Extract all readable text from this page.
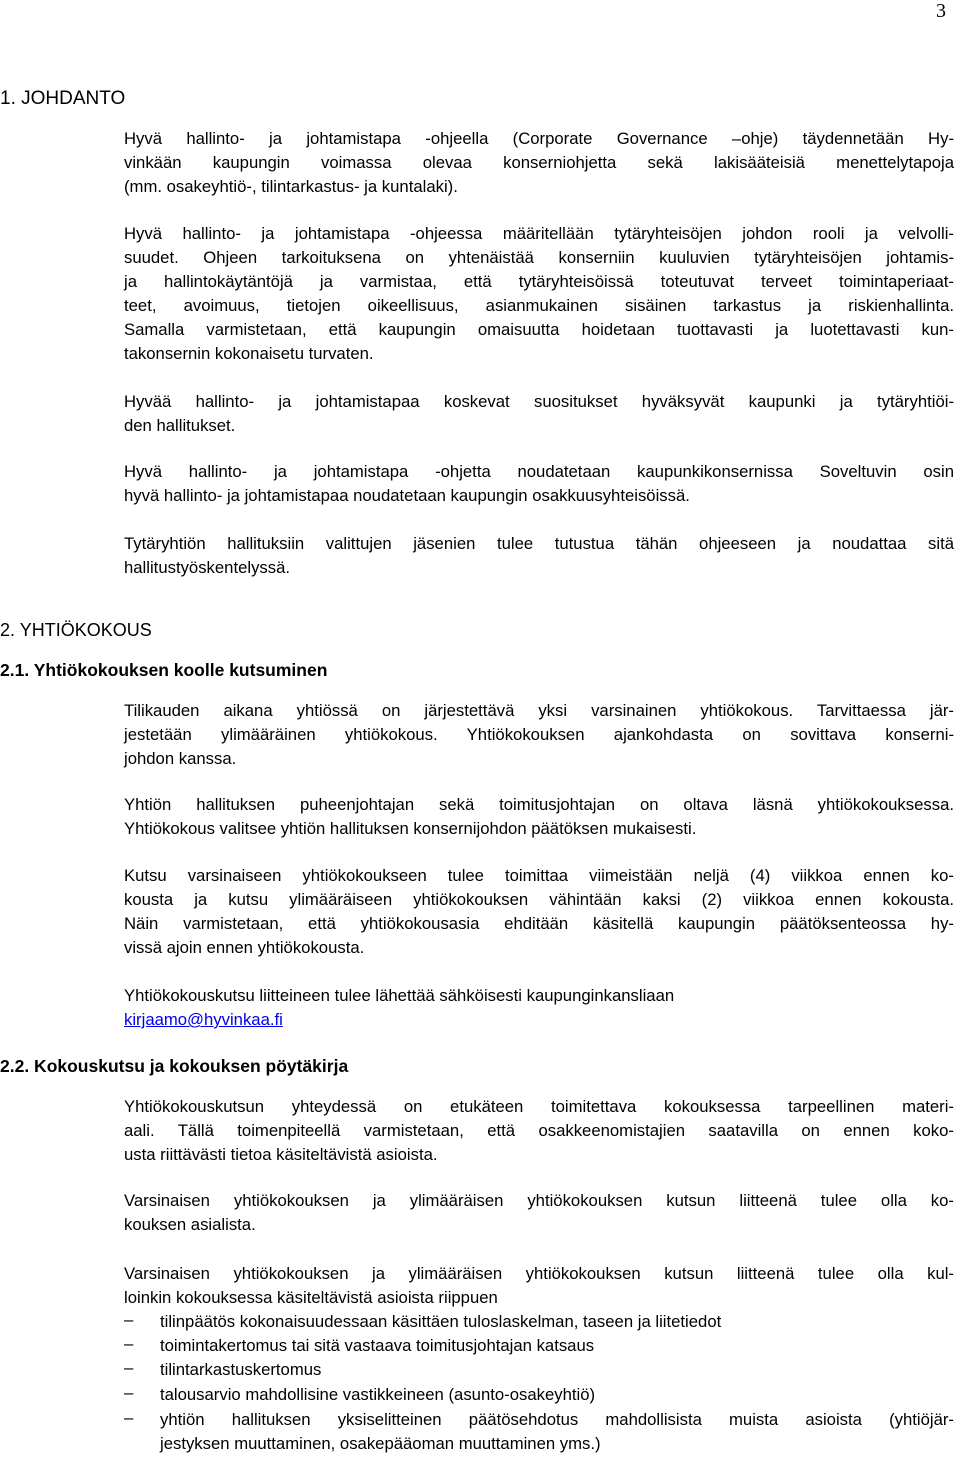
3
1. JOHDANTO
Hyvä hallinto- ja johtamistapa -ohjeella (Corporate Governance –ohje) täydennetään Hy-
vinkään kaupungin voimassa olevaa konserniohjetta sekä lakisääteisiä menettelytapoja
(mm. osakeyhtiö-, tilintarkastus- ja kuntalaki).
Hyvä hallinto- ja johtamistapa -ohjeessa määritellään tytäryhteisöjen johdon rooli ja velvolli-
suudet. Ohjeen tarkoituksena on yhtenäistää konserniin kuuluvien tytäryhteisöjen johtamis-
ja hallintokäytäntöjä ja varmistaa, että tytäryhteisöissä toteutuvat terveet toimintaperiaat-
teet, avoimuus, tietojen oikeellisuus, asianmukainen sisäinen tarkastus ja riskienhallinta.
Samalla varmistetaan, että kaupungin omaisuutta hoidetaan tuottavasti ja luotettavasti kun-
takonsernin kokonaisetu turvaten.
Hyvää hallinto- ja johtamistapaa koskevat suositukset hyväksyvät kaupunki ja tytäryhtiöi-
den hallitukset.
Hyvä hallinto- ja johtamistapa -ohjetta noudatetaan kaupunkikonsernissa Soveltuvin osin
hyvä hallinto- ja johtamistapaa noudatetaan kaupungin osakkuusyhteisöissä.
Tytäryhtiön hallituksiin valittujen jäsenien tulee tutustua tähän ohjeeseen ja noudattaa sitä
hallitustyöskentelyssä.
2. YHTIÖKOKOUS
2.1. Yhtiökokouksen koolle kutsuminen
Tilikauden aikana yhtiössä on järjestettävä yksi varsinainen yhtiökokous. Tarvittaessa jär-
jestetään ylimääräinen yhtiökokous. Yhtiökokouksen ajankohdasta on sovittava konserni-
johdon kanssa.
Yhtiön hallituksen puheenjohtajan sekä toimitusjohtajan on oltava läsnä yhtiökokouksessa.
Yhtiökokous valitsee yhtiön hallituksen konsernijohdon päätöksen mukaisesti.
Kutsu varsinaiseen yhtiökokoukseen tulee toimittaa viimeistään neljä (4) viikkoa ennen ko-
kousta ja kutsu ylimääräiseen yhtiökokouksen vähintään kaksi (2) viikkoa ennen kokousta.
Näin varmistetaan, että yhtiökokousasia ehditään käsitellä kaupungin päätöksenteossa hy-
vissä ajoin ennen yhtiökokousta.
Yhtiökokouskutsu liitteineen tulee lähettää sähköisesti kaupunginkansliaan
kirjaamo@hyvinkaa.fi
2.2. Kokouskutsu ja kokouksen pöytäkirja
Yhtiökokouskutsun yhteydessä on etukäteen toimitettava kokouksessa tarpeellinen materi-
aali. Tällä toimenpiteellä varmistetaan, että osakkeenomistajien saatavilla on ennen koko-
usta riittävästi tietoa käsiteltävistä asioista.
Varsinaisen yhtiökokouksen ja ylimääräisen yhtiökokouksen kutsun liitteenä tulee olla ko-
kouksen asialista.
Varsinaisen yhtiökokouksen ja ylimääräisen yhtiökokouksen kutsun liitteenä tulee olla kul-
loinkin kokouksessa käsiteltävistä asioista riippuen
– tilinpäätös kokonaisuudessaan käsittäen tuloslaskelman, taseen ja liitetiedot
– toimintakertomus tai sitä vastaava toimitusjohtajan katsaus
– tilintarkastuskertomus
– talousarvio mahdollisine vastikkeineen (asunto-osakeyhtiö)
– yhtiön hallituksen yksiselitteinen päätösehdotus mahdollisista muista asioista (yhtiöjär-
jestyksen muuttaminen, osakepääoman muuttaminen yms.)
